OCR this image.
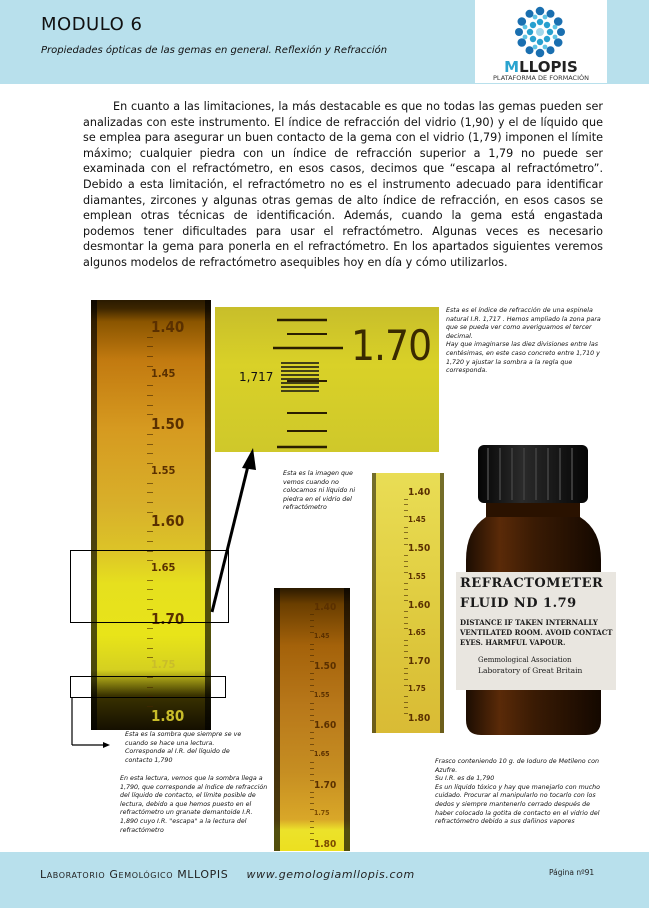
MODULO 6
Propiedades ópticas de las gemas en general. Reflexión y Refracción
MLLOPIS
PLATAFORMA DE FORMACIÓN
En cuanto a las limitaciones, la más destacable es que no todas las gemas pueden ser analizadas con este instrumento. El índice de refracción del vidrio (1,90) y el de líquido que se emplea para asegurar un buen contacto de la gema con el vidrio (1,79) imponen el límite máximo; cualquier piedra con un índice de refracción superior a 1,79 no puede ser examinada con el refractómetro, en esos casos, decimos que “escapa al refractómetro”. Debido a esta limitación, el refractómetro no es el instrumento adecuado para identificar diamantes, zircones y algunas otras gemas de alto índice de refracción, en esos casos se emplean otras técnicas de identificación. Además, cuando la gema está engastada podemos tener dificultades para usar el refractómetro. Algunas veces es necesario desmontar la gema para ponerla en el refractómetro. En los apartados siguientes veremos algunos modelos de refractómetro asequibles hoy en día y cómo utilizarlos.
1.40
1.45
1.50
1.55
1.60
1.65
1.70
1.75
1.80
1.70
1,717
Esta es el índice de refracción de una espinela natural I.R. 1,717 . Hemos ampliado la zona para que se pueda ver como averiguamos el tercer decimal.
Hay que imaginarse las diez divisiones entre las centésimas, en este caso concreto entre 1,710 y 1,720 y ajustar la sombra a la regla que corresponda.
Esta es la imagen que vemos cuando no colocamos ni líquido ni piedra en el vidrio del refractómetro
Esta es la sombra que siempre se ve cuando se hace una lectura. Corresponde al I.R. del líquido de contacto 1,790
En esta lectura, vemos que la sombra llega a 1,790, que corresponde al índice de refracción del líquido de contacto, el límite posible de lectura, debido a que hemos puesto en el refractómetro un granate demantoide I.R. 1,890 cuyo I.R. "escapa" a la lectura del refractómetro
Frasco conteniendo 10 g. de Ioduro de Metileno con Azufre.
Su I.R. es de 1,790
Es un líquido tóxico y hay que manejarlo con mucho cuidado. Procurar al manipularlo no tocarlo con los dedos y siempre mantenerlo cerrado después de haber colocado la gotita de contacto en el vidrio del refractómetro debido a sus dañinos vapores
1.40
1.45
1.50
1.55
1.60
1.65
1.70
1.75
1.80
1.40
1.45
1.50
1.55
1.60
1.65
1.70
1.75
1.80
REFRACTOMETER
FLUID ND 1.79
DISTANCE IF TAKEN INTERNALLY
VENTILATED ROOM. AVOID CONTACT
EYES. HARMFUL VAPOUR.
Gemmological Association
Laboratory of Great Britain
Laboratorio Gemológico MLLOPIS www.gemologiamllopis.com	Página nº91
